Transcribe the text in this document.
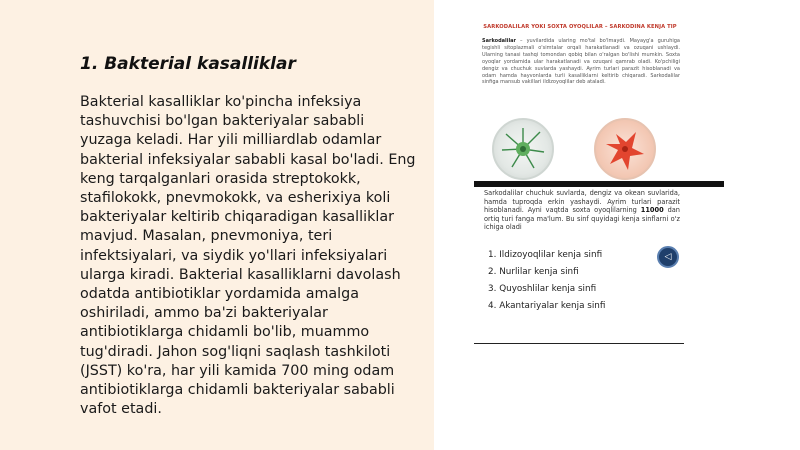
1. Bakterial kasalliklar

Bakterial kasalliklar ko'pincha infeksiya tashuvchisi bo'lgan bakteriyalar sababli yuzaga keladi. Har yili milliardlab odamlar bakterial infeksiyalar sababli kasal bo'ladi. Eng keng tarqalganlari orasida streptokokk, stafilokokk, pnevmokokk, va esherixiya koli bakteriyalar keltirib chiqaradigan kasalliklar mavjud. Masalan, pnevmoniya, teri infektsiyalari, va siydik yo'llari infeksiyalari ularga kiradi. Bakterial kasalliklarni davolash odatda antibiotiklar yordamida amalga oshiriladi, ammo ba'zi bakteriyalar antibiotiklarga chidamli bo'lib, muammo tug'diradi. Jahon sog'liqni saqlash tashkiloti (JSST) ko'ra, har yili kamida 700 ming odam antibiotiklarga chidamli bakteriyalar sababli vafot etadi.

SARKODALILAR YOKI SOXTA OYOQLILAR – SARKODINA KENJA TIP

Sarkodalilar – yuvilardida ularing mo'tal bo'lmaydi. Mayayg'a guruhiga tegishli sitoplazmali o'simtalar orqali harakatlanadi va ozuqani ushlaydi. Ularning tanasi tashqi tomondan qobiq bilan o'ralgan bo'lishi mumkin. Soxta oyoqlar yordamida ular harakatlanadi va ozuqani qamrab oladi. Ko'pchiligi dengiz va chuchuk suvlarda yashaydi. Ayrim turlari parazit hisoblanadi va odam hamda hayvonlarda turli kasalliklarni keltirib chiqaradi. Sarkodalilar sinfiga mansub vakillari ildizoyoqlilar deb ataladi.

Sarkodalilar chuchuk suvlarda, dengiz va okean suvlarida, hamda tuproqda erkin yashaydi. Ayrim turlari parazit hisoblanadi. Ayni vaqtda soxta oyoqlilarning 11000 dan ortiq turi fanga ma'lum. Bu sinf quyidagi kenja sinflarni o'z ichiga oladi

1. Ildizoyoqlilar kenja sinfi
2. Nurlilar kenja sinfi
3. Quyoshlilar kenja sinfi
4. Akantariyalar kenja sinfi
◁
